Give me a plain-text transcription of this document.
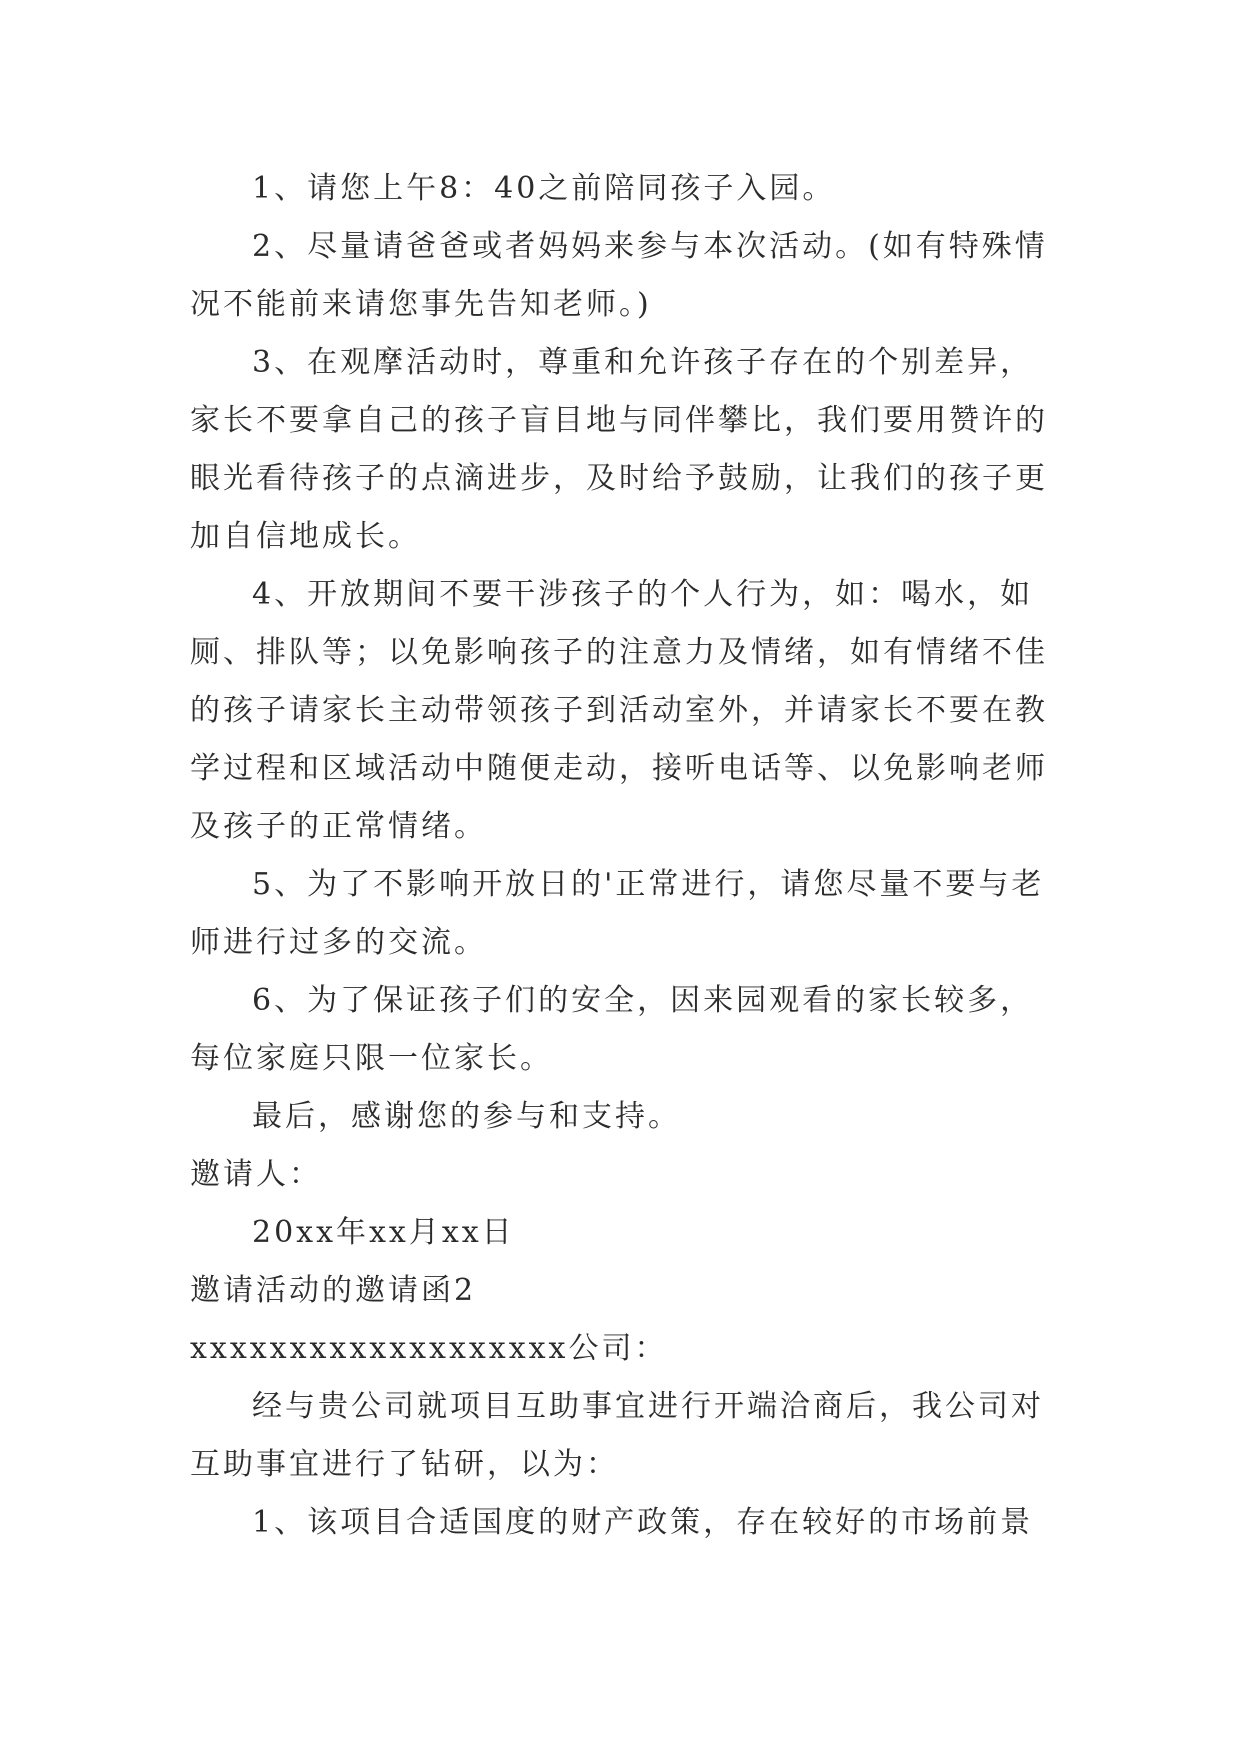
1、请您上午8：40之前陪同孩子入园。

2、尽量请爸爸或者妈妈来参与本次活动。(如有特殊情况不能前来请您事先告知老师。)

3、在观摩活动时，尊重和允许孩子存在的个别差异，家长不要拿自己的孩子盲目地与同伴攀比，我们要用赞许的眼光看待孩子的点滴进步，及时给予鼓励，让我们的孩子更加自信地成长。

4、开放期间不要干涉孩子的个人行为，如：喝水，如厕、排队等；以免影响孩子的注意力及情绪，如有情绪不佳的孩子请家长主动带领孩子到活动室外，并请家长不要在教学过程和区域活动中随便走动，接听电话等、以免影响老师及孩子的正常情绪。

5、为了不影响开放日的'正常进行，请您尽量不要与老师进行过多的交流。

6、为了保证孩子们的安全，因来园观看的家长较多，每位家庭只限一位家长。

最后，感谢您的参与和支持。

邀请人：

20xx年xx月xx日

邀请活动的邀请函2

xxxxxxxxxxxxxxxxxxx公司：

经与贵公司就项目互助事宜进行开端洽商后，我公司对互助事宜进行了钻研，以为：

1、该项目合适国度的财产政策，存在较好的市场前景
